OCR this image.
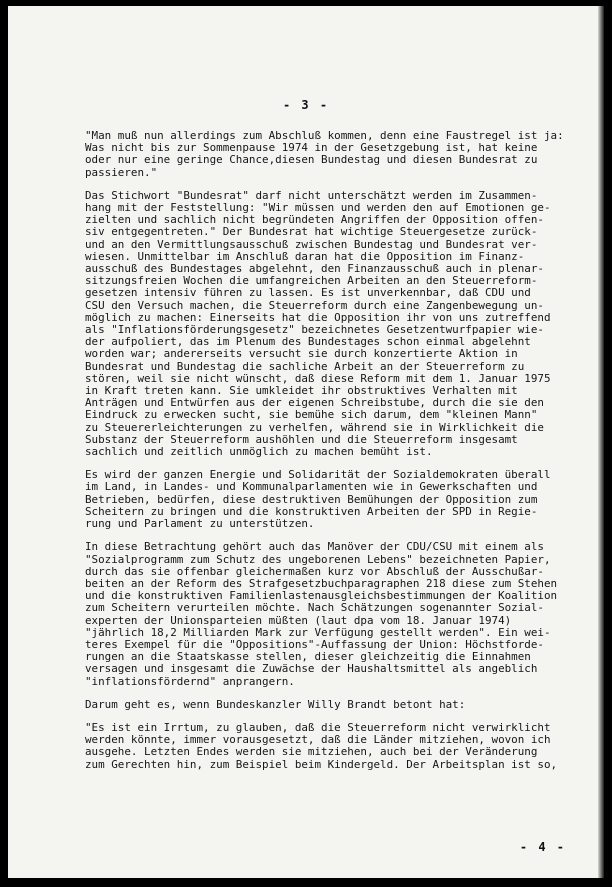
- 3 -
"Man muß nun allerdings zum Abschluß kommen, denn eine Faustregel ist ja:
Was nicht bis zur Sommenpause 1974 in der Gesetzgebung ist, hat keine
oder nur eine geringe Chance,diesen Bundestag und diesen Bundesrat zu
passieren."
Das Stichwort "Bundesrat" darf nicht unterschätzt werden im Zusammen-
hang mit der Feststellung: "Wir müssen und werden den auf Emotionen ge-
zielten und sachlich nicht begründeten Angriffen der Opposition offen-
siv entgegentreten." Der Bundesrat hat wichtige Steuergesetze zurück-
und an den Vermittlungsausschuß zwischen Bundestag und Bundesrat ver-
wiesen. Unmittelbar im Anschluß daran hat die Opposition im Finanz-
ausschuß des Bundestages abgelehnt, den Finanzausschuß auch in plenar-
sitzungsfreien Wochen die umfangreichen Arbeiten an den Steuerreform-
gesetzen intensiv führen zu lassen. Es ist unverkennbar, daß CDU und
CSU den Versuch machen, die Steuerreform durch eine Zangenbewegung un-
möglich zu machen: Einerseits hat die Opposition ihr von uns zutreffend
als "Inflationsförderungsgesetz" bezeichnetes Gesetzentwurfpapier wie-
der aufpoliert, das im Plenum des Bundestages schon einmal abgelehnt
worden war; andererseits versucht sie durch konzertierte Aktion in
Bundesrat und Bundestag die sachliche Arbeit an der Steuerreform zu
stören, weil sie nicht wünscht, daß diese Reform mit dem 1. Januar 1975
in Kraft treten kann. Sie umkleidet ihr obstruktives Verhalten mit
Anträgen und Entwürfen aus der eigenen Schreibstube, durch die sie den
Eindruck zu erwecken sucht, sie bemühe sich darum, dem "kleinen Mann"
zu Steuererleichterungen zu verhelfen, während sie in Wirklichkeit die
Substanz der Steuerreform aushöhlen und die Steuerreform insgesamt
sachlich und zeitlich unmöglich zu machen bemüht ist.
Es wird der ganzen Energie und Solidarität der Sozialdemokraten überall
im Land, in Landes- und Kommunalparlamenten wie in Gewerkschaften und
Betrieben, bedürfen, diese destruktiven Bemühungen der Opposition zum
Scheitern zu bringen und die konstruktiven Arbeiten der SPD in Regie-
rung und Parlament zu unterstützen.
In diese Betrachtung gehört auch das Manöver der CDU/CSU mit einem als
"Sozialprogramm zum Schutz des ungeborenen Lebens" bezeichneten Papier,
durch das sie offenbar gleichermaßen kurz vor Abschluß der Ausschußar-
beiten an der Reform des Strafgesetzbuchparagraphen 218 diese zum Stehen
und die konstruktiven Familienlastenausgleichsbestimmungen der Koalition
zum Scheitern verurteilen möchte. Nach Schätzungen sogenannter Sozial-
experten der Unionsparteien müßten (laut dpa vom 18. Januar 1974)
"jährlich 18,2 Milliarden Mark zur Verfügung gestellt werden". Ein wei-
teres Exempel für die "Oppositions"-Auffassung der Union: Höchstforde-
rungen an die Staatskasse stellen, dieser gleichzeitig die Einnahmen
versagen und insgesamt die Zuwächse der Haushaltsmittel als angeblich
"inflationsfördernd" anprangern.
Darum geht es, wenn Bundeskanzler Willy Brandt betont hat:
"Es ist ein Irrtum, zu glauben, daß die Steuerreform nicht verwirklicht
werden könnte, immer vorausgesetzt, daß die Länder mitziehen, wovon ich
ausgehe. Letzten Endes werden sie mitziehen, auch bei der Veränderung
zum Gerechten hin, zum Beispiel beim Kindergeld. Der Arbeitsplan ist so,
- 4 -
